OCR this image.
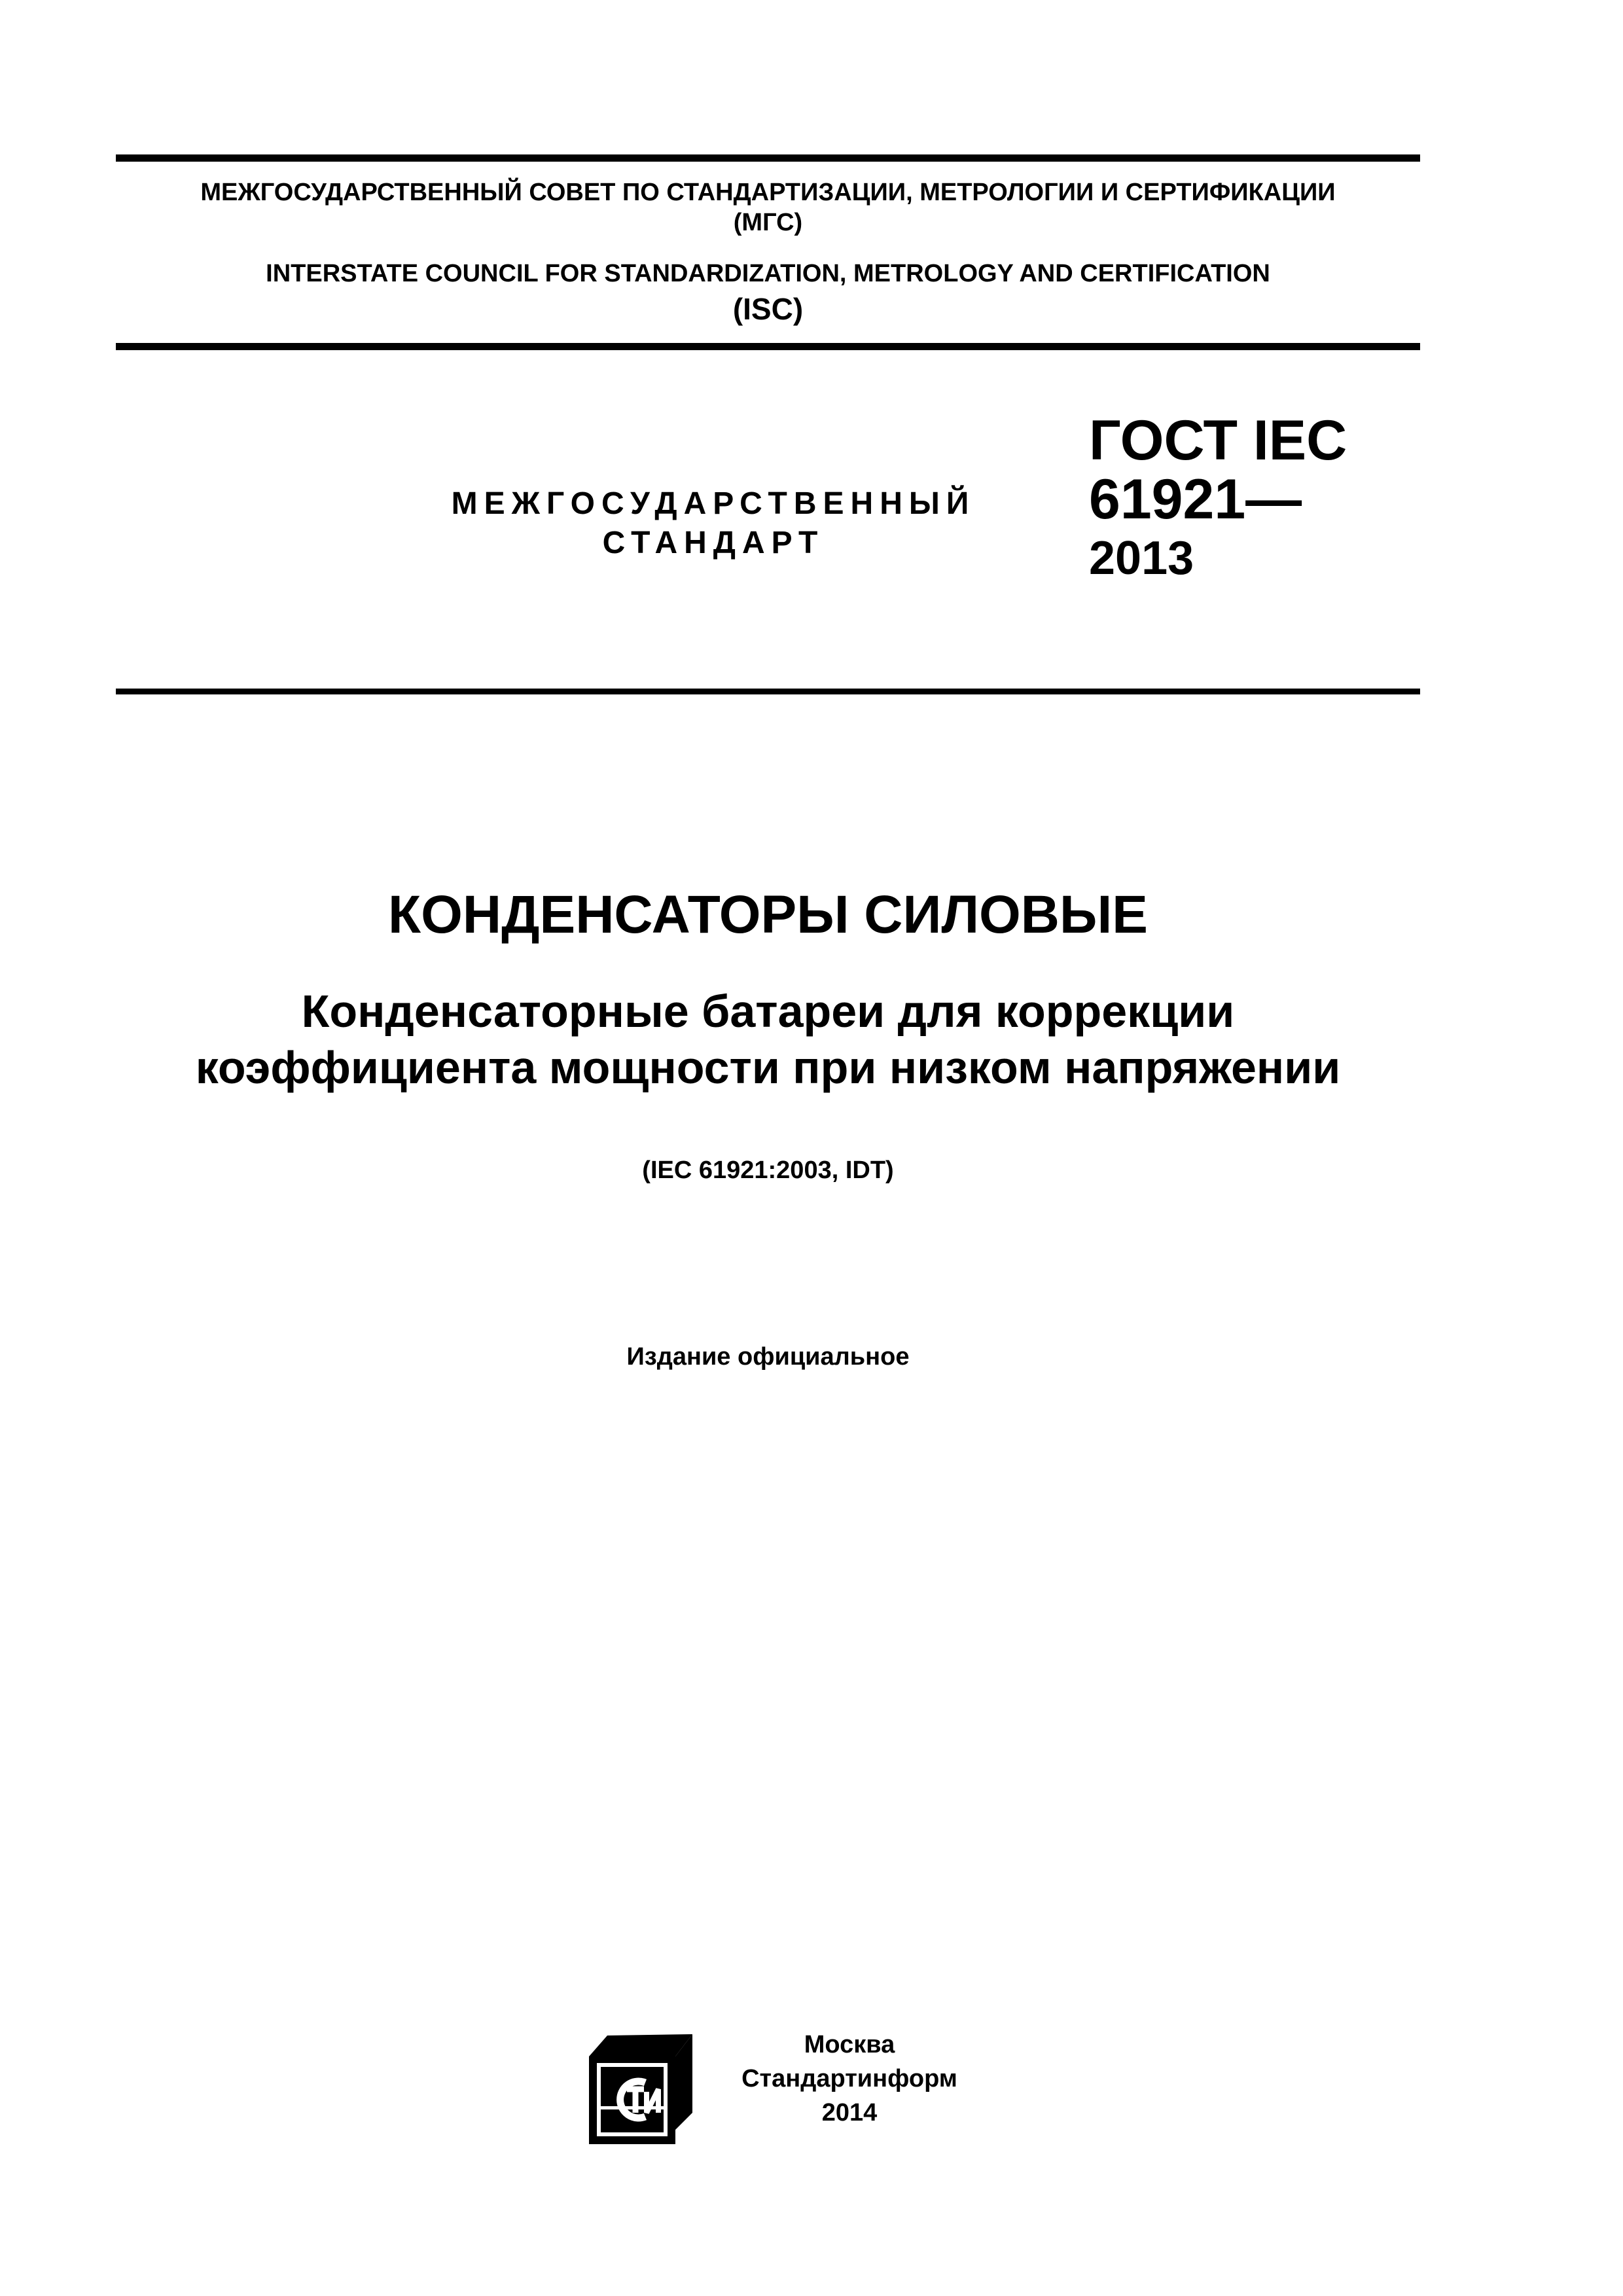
МЕЖГОСУДАРСТВЕННЫЙ СОВЕТ ПО СТАНДАРТИЗАЦИИ, МЕТРОЛОГИИ И СЕРТИФИКАЦИИ
(МГС)
INTERSTATE COUNCIL FOR STANDARDIZATION, METROLOGY AND CERTIFICATION
(ISC)
МЕЖГОСУДАРСТВЕННЫЙ
СТАНДАРТ
ГОСТ IEC
61921—
2013
КОНДЕНСАТОРЫ СИЛОВЫЕ
Конденсаторные батареи для коррекции
коэффициента мощности при низком напряжении
(IEC 61921:2003, IDT)
Издание официальное
Москва
Стандартинформ
2014
